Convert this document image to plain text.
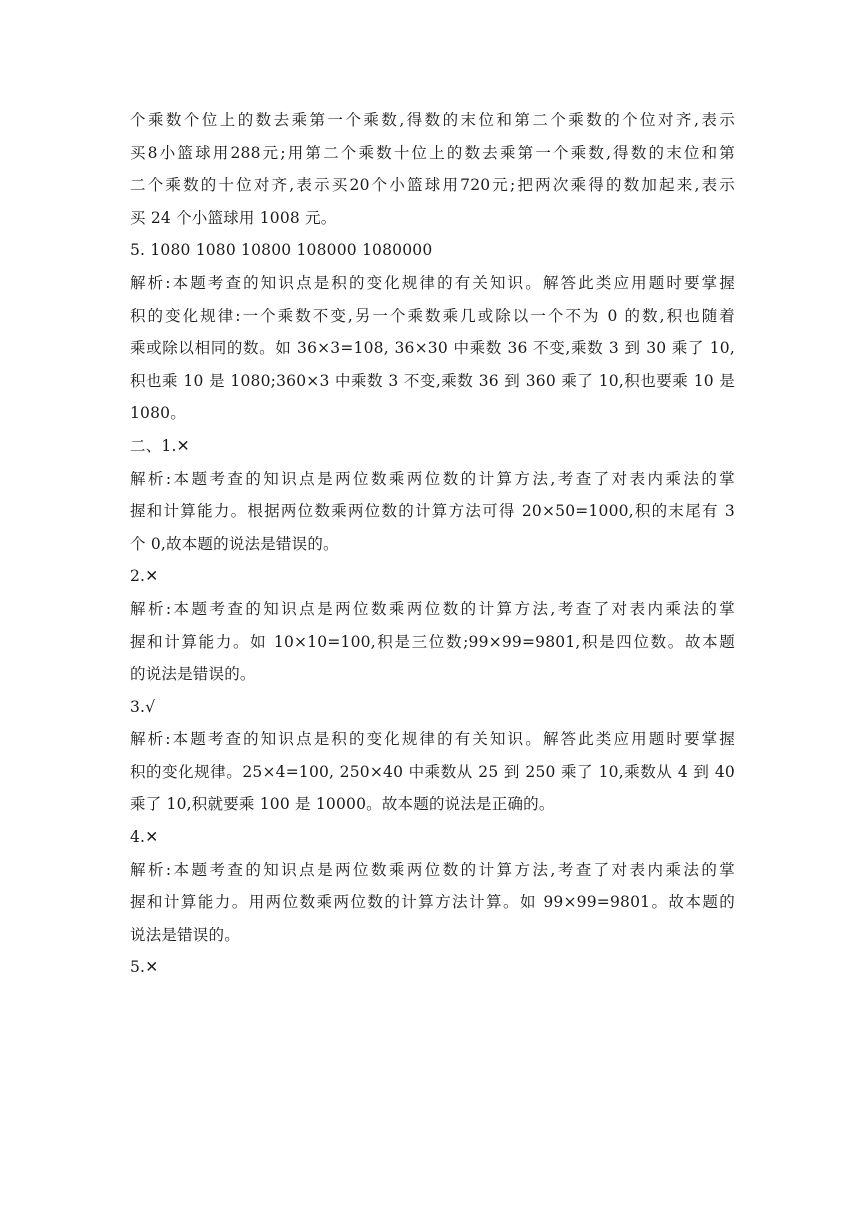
个乘数个位上的数去乘第一个乘数,得数的末位和第二个乘数的个位对齐,表示
买8小篮球用288元;用第二个乘数十位上的数去乘第一个乘数,得数的末位和第
二个乘数的十位对齐,表示买20个小篮球用720元;把两次乘得的数加起来,表示
买 24 个小篮球用 1008 元。
5. 1080 1080 10800 108000 1080000
解析:本题考查的知识点是积的变化规律的有关知识。解答此类应用题时要掌握
积的变化规律:一个乘数不变,另一个乘数乘几或除以一个不为 0 的数,积也随着
乘或除以相同的数。如 36×3=108, 36×30 中乘数 36 不变,乘数 3 到 30 乘了 10,
积也乘 10 是 1080;360×3 中乘数 3 不变,乘数 36 到 360 乘了 10,积也要乘 10 是
1080。
二、1.✕
解析:本题考查的知识点是两位数乘两位数的计算方法,考查了对表内乘法的掌
握和计算能力。根据两位数乘两位数的计算方法可得 20×50=1000,积的末尾有 3
个 0,故本题的说法是错误的。
2.✕
解析:本题考查的知识点是两位数乘两位数的计算方法,考查了对表内乘法的掌
握和计算能力。如 10×10=100,积是三位数;99×99=9801,积是四位数。故本题
的说法是错误的。
3.√
解析:本题考查的知识点是积的变化规律的有关知识。解答此类应用题时要掌握
积的变化规律。25×4=100, 250×40 中乘数从 25 到 250 乘了 10,乘数从 4 到 40
乘了 10,积就要乘 100 是 10000。故本题的说法是正确的。
4.✕
解析:本题考查的知识点是两位数乘两位数的计算方法,考查了对表内乘法的掌
握和计算能力。用两位数乘两位数的计算方法计算。如 99×99=9801。故本题的
说法是错误的。
5.✕
